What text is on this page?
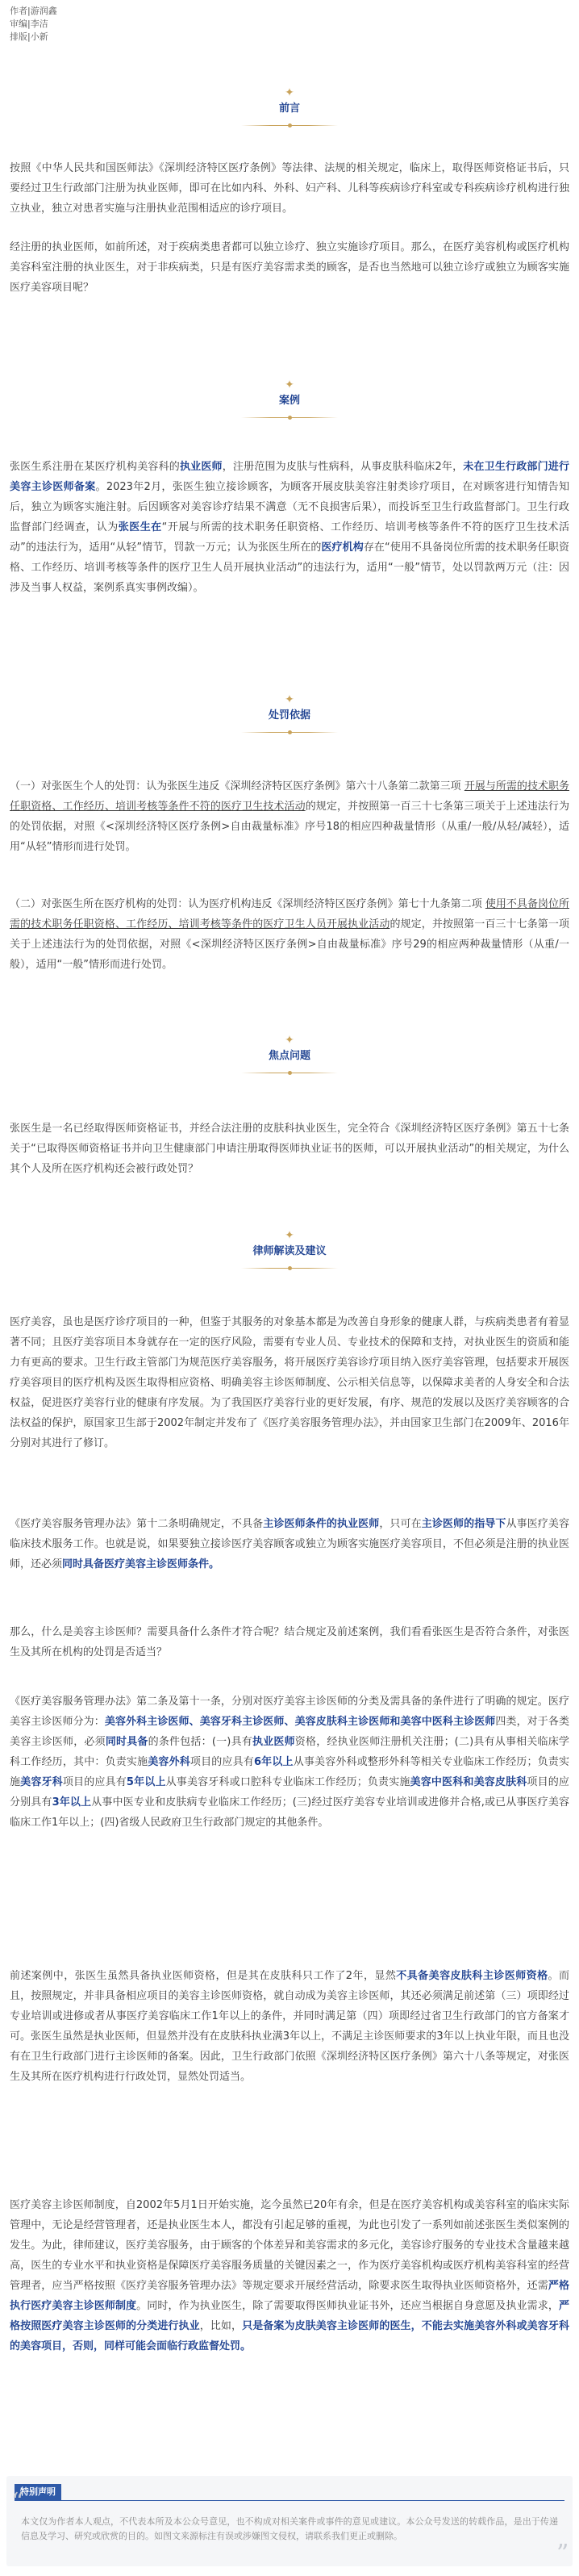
作者|游润鑫
审编|李洁
排版|小新
✦
前言

按照《中华人民共和国医师法》《深圳经济特区医疗条例》等法律、法规的相关规定，临床上，取得医师资格证书后，只要经过卫生行政部门注册为执业医师，即可在比如内科、外科、妇产科、儿科等疾病诊疗科室或专科疾病诊疗机构进行独立执业，独立对患者实施与注册执业范围相适应的诊疗项目。

经注册的执业医师，如前所述，对于疾病类患者都可以独立诊疗、独立实施诊疗项目。那么，在医疗美容机构或医疗机构美容科室注册的执业医生，对于非疾病类，只是有医疗美容需求类的顾客，是否也当然地可以独立诊疗或独立为顾客实施医疗美容项目呢？

✦
案例

张医生系注册在某医疗机构美容科的执业医师，注册范围为皮肤与性病科，从事皮肤科临床2年，未在卫生行政部门进行美容主诊医师备案。2023年2月，张医生独立接诊顾客，为顾客开展皮肤美容注射类诊疗项目，在对顾客进行知情告知后，独立为顾客实施注射。后因顾客对美容诊疗结果不满意（无不良损害后果），而投诉至卫生行政监督部门。卫生行政监督部门经调查，认为张医生在“开展与所需的技术职务任职资格、工作经历、培训考核等条件不符的医疗卫生技术活动”的违法行为，适用“从轻”情节，罚款一万元；认为张医生所在的医疗机构存在“使用不具备岗位所需的技术职务任职资格、工作经历、培训考核等条件的医疗卫生人员开展执业活动”的违法行为，适用“一般”情节，处以罚款两万元（注：因涉及当事人权益，案例系真实事例改编）。

✦
处罚依据

（一）对张医生个人的处罚：认为张医生违反《深圳经济特区医疗条例》第六十八条第二款第三项 开展与所需的技术职务任职资格、工作经历、培训考核等条件不符的医疗卫生技术活动的规定，并按照第一百三十七条第三项关于上述违法行为的处罚依据，对照《<深圳经济特区医疗条例>自由裁量标准》序号18的相应四种裁量情形（从重/一般/从轻/减轻），适用“从轻”情形而进行处罚。

（二）对张医生所在医疗机构的处罚：认为医疗机构违反《深圳经济特区医疗条例》第七十九条第二项 使用不具备岗位所需的技术职务任职资格、工作经历、培训考核等条件的医疗卫生人员开展执业活动的规定，并按照第一百三十七条第一项关于上述违法行为的处罚依据，对照《<深圳经济特区医疗条例>自由裁量标准》序号29的相应两种裁量情形（从重/一般），适用“一般”情形而进行处罚。

✦
焦点问题

张医生是一名已经取得医师资格证书，并经合法注册的皮肤科执业医生，完全符合《深圳经济特区医疗条例》第五十七条 关于“已取得医师资格证书并向卫生健康部门申请注册取得医师执业证书的医师，可以开展执业活动”的相关规定，为什么其个人及所在医疗机构还会被行政处罚？

✦
律师解读及建议

医疗美容，虽也是医疗诊疗项目的一种，但鉴于其服务的对象基本都是为改善自身形象的健康人群，与疾病类患者有着显著不同；且医疗美容项目本身就存在一定的医疗风险，需要有专业人员、专业技术的保障和支持，对执业医生的资质和能力有更高的要求。卫生行政主管部门为规范医疗美容服务，将开展医疗美容诊疗项目纳入医疗美容管理，包括要求开展医疗美容项目的医疗机构及医生取得相应资格、明确美容主诊医师制度、公示相关信息等，以保障求美者的人身安全和合法权益，促进医疗美容行业的健康有序发展。为了我国医疗美容行业的更好发展，有序、规范的发展以及医疗美容顾客的合法权益的保护，原国家卫生部于2002年制定并发布了《医疗美容服务管理办法》，并由国家卫生部门在2009年、2016年分别对其进行了修订。

《医疗美容服务管理办法》第十二条明确规定，不具备主诊医师条件的执业医师，只可在主诊医师的指导下从事医疗美容临床技术服务工作。也就是说，如果要独立接诊医疗美容顾客或独立为顾客实施医疗美容项目，不但必须是注册的执业医师，还必须同时具备医疗美容主诊医师条件。

那么，什么是美容主诊医师？需要具备什么条件才符合呢？结合规定及前述案例，我们看看张医生是否符合条件，对张医生及其所在机构的处罚是否适当？

《医疗美容服务管理办法》第二条及第十一条，分别对医疗美容主诊医师的分类及需具备的条件进行了明确的规定。医疗美容主诊医师分为：美容外科主诊医师、美容牙科主诊医师、美容皮肤科主诊医师和美容中医科主诊医师四类，对于各类美容主诊医师，必须同时具备的条件包括：(一)具有执业医师资格，经执业医师注册机关注册；(二)具有从事相关临床学科工作经历，其中：负责实施美容外科项目的应具有6年以上从事美容外科或整形外科等相关专业临床工作经历；负责实施美容牙科项目的应具有5年以上从事美容牙科或口腔科专业临床工作经历；负责实施美容中医科和美容皮肤科项目的应分别具有3年以上从事中医专业和皮肤病专业临床工作经历；(三)经过医疗美容专业培训或进修并合格,或已从事医疗美容临床工作1年以上；(四)省级人民政府卫生行政部门规定的其他条件。

前述案例中，张医生虽然具备执业医师资格，但是其在皮肤科只工作了2年，显然不具备美容皮肤科主诊医师资格。而且，按照规定，并非具备相应项目的美容主诊医师资格，就自动成为美容主诊医师，其还必须满足前述第（三）项即经过专业培训或进修或者从事医疗美容临床工作1年以上的条件，并同时满足第（四）项即经过省卫生行政部门的官方备案才可。张医生虽然是执业医师，但显然并没有在皮肤科执业满3年以上，不满足主诊医师要求的3年以上执业年限，而且也没有在卫生行政部门进行主诊医师的备案。因此，卫生行政部门依照《深圳经济特区医疗条例》第六十八条等规定，对张医生及其所在医疗机构进行行政处罚，显然处罚适当。

医疗美容主诊医师制度，自2002年5月1日开始实施，迄今虽然已20年有余，但是在医疗美容机构或美容科室的临床实际管理中，无论是经营管理者，还是执业医生本人，都没有引起足够的重视，为此也引发了一系列如前述张医生类似案例的发生。为此，律师建议，医疗美容服务，由于顾客的个体差异和美容需求的多元化，美容诊疗服务的专业技术含量越来越高，医生的专业水平和执业资格是保障医疗美容服务质量的关键因素之一，作为医疗美容机构或医疗机构美容科室的经营管理者，应当严格按照《医疗美容服务管理办法》等规定要求开展经营活动，除要求医生取得执业医师资格外，还需严格执行医疗美容主诊医师制度。同时，作为执业医生，除了需要取得医师执业证书外，还应当根据自身意愿及执业需求，严格按照医疗美容主诊医师的分类进行执业，比如，只是备案为皮肤美容主诊医师的医生，不能去实施美容外科或美容牙科的美容项目，否则，同样可能会面临行政监督处罚。

特别声明
本文仅为作者本人观点，不代表本所及本公众号意见，也不构成对相关案件或事件的意见或建议。本公众号发送的转载作品，是出于传递信息及学习、研究或欣赏的目的。如图文来源标注有误或涉嫌图文侵权，请联系我们更正或删除。
“
”
